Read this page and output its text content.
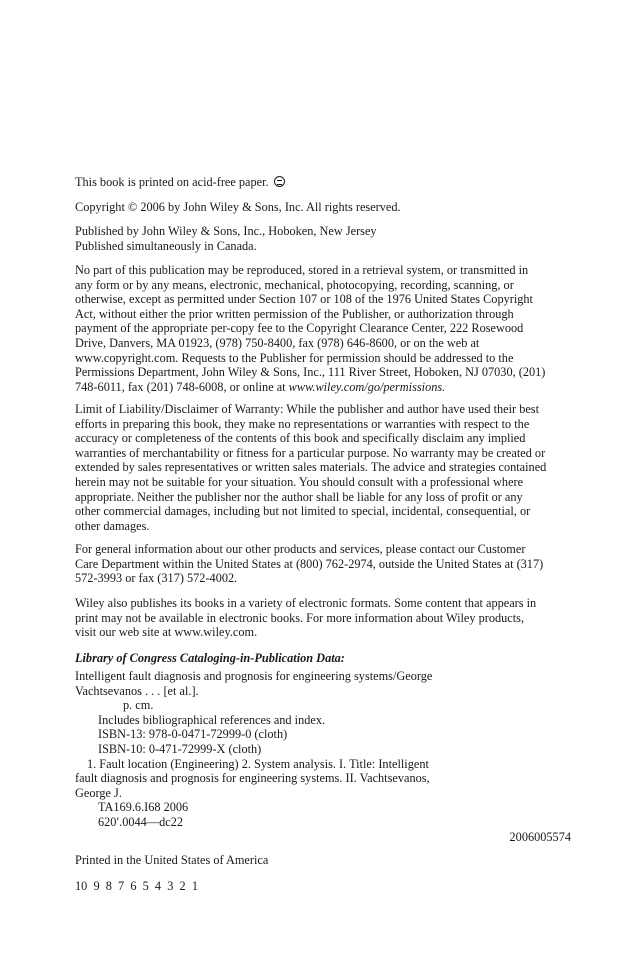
This book is printed on acid-free paper.
Copyright © 2006 by John Wiley & Sons, Inc. All rights reserved.
Published by John Wiley & Sons, Inc., Hoboken, New Jersey
Published simultaneously in Canada.
No part of this publication may be reproduced, stored in a retrieval system, or transmitted in
any form or by any means, electronic, mechanical, photocopying, recording, scanning, or
otherwise, except as permitted under Section 107 or 108 of the 1976 United States Copyright
Act, without either the prior written permission of the Publisher, or authorization through
payment of the appropriate per-copy fee to the Copyright Clearance Center, 222 Rosewood
Drive, Danvers, MA 01923, (978) 750-8400, fax (978) 646-8600, or on the web at
www.copyright.com. Requests to the Publisher for permission should be addressed to the
Permissions Department, John Wiley & Sons, Inc., 111 River Street, Hoboken, NJ 07030, (201)
748-6011, fax (201) 748-6008, or online at www.wiley.com/go/permissions.
Limit of Liability/Disclaimer of Warranty: While the publisher and author have used their best
efforts in preparing this book, they make no representations or warranties with respect to the
accuracy or completeness of the contents of this book and specifically disclaim any implied
warranties of merchantability or fitness for a particular purpose. No warranty may be created or
extended by sales representatives or written sales materials. The advice and strategies contained
herein may not be suitable for your situation. You should consult with a professional where
appropriate. Neither the publisher nor the author shall be liable for any loss of profit or any
other commercial damages, including but not limited to special, incidental, consequential, or
other damages.
For general information about our other products and services, please contact our Customer
Care Department within the United States at (800) 762-2974, outside the United States at (317)
572-3993 or fax (317) 572-4002.
Wiley also publishes its books in a variety of electronic formats. Some content that appears in
print may not be available in electronic books. For more information about Wiley products,
visit our web site at www.wiley.com.
Library of Congress Cataloging-in-Publication Data:
Intelligent fault diagnosis and prognosis for engineering systems/George
Vachtsevanos . . . [et al.].
p. cm.
Includes bibliographical references and index.
ISBN-13: 978-0-0471-72999-0 (cloth)
ISBN-10: 0-471-72999-X (cloth)
1. Fault location (Engineering) 2. System analysis. I. Title: Intelligent
fault diagnosis and prognosis for engineering systems. II. Vachtsevanos,
George J.
TA169.6.I68 2006
620′.0044—dc22
2006005574
Printed in the United States of America
10  9  8  7  6  5  4  3  2  1
